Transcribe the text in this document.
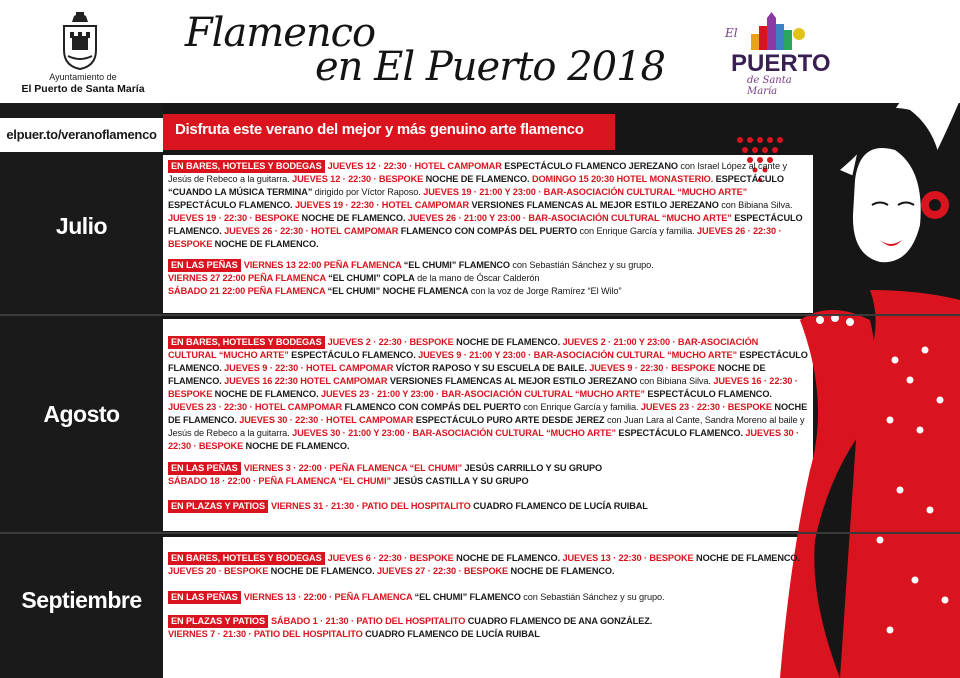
Ayuntamiento de
El Puerto de Santa María
Flamenco
en El Puerto 2018
El
PUERTO
de Santa María
elpuer.to/veranoflamenco
Julio
Agosto
Septiembre
Disfruta este verano del mejor y más genuino arte flamenco
EN BARES, HOTELES Y BODEGAS JUEVES 12 · 22:30 · HOTEL CAMPOMAR ESPECTÁCULO FLAMENCO JEREZANO con Israel López al cante y Jesús de Rebeco a la guitarra. JUEVES 12 · 22:30 · BESPOKE NOCHE DE FLAMENCO. DOMINGO 15 20:30 HOTEL MONASTERIO. ESPECTÁCULO “CUANDO LA MÚSICA TERMINA” dirigido por Víctor Raposo. JUEVES 19 · 21:00 Y 23:00 · BAR-ASOCIACIÓN CULTURAL “MUCHO ARTE” ESPECTÁCULO FLAMENCO. JUEVES 19 · 22:30 · HOTEL CAMPOMAR VERSIONES FLAMENCAS AL MEJOR ESTILO JEREZANO con Bibiana Silva. JUEVES 19 · 22:30 · BESPOKE NOCHE DE FLAMENCO. JUEVES 26 · 21:00 Y 23:00 · BAR-ASOCIACIÓN CULTURAL “MUCHO ARTE” ESPECTÁCULO FLAMENCO. JUEVES 26 · 22:30 · HOTEL CAMPOMAR FLAMENCO CON COMPÁS DEL PUERTO con Enrique García y familia. JUEVES 26 · 22:30 · BESPOKE NOCHE DE FLAMENCO.
EN LAS PEÑAS VIERNES 13 22:00 PEÑA FLAMENCA “EL CHUMI” FLAMENCO con Sebastián Sánchez y su grupo.
VIERNES 27 22:00 PEÑA FLAMENCA “EL CHUMI” COPLA de la mano de Óscar Calderón
SÁBADO 21 22:00 PEÑA FLAMENCA “EL CHUMI” NOCHE FLAMENCA con la voz de Jorge Ramírez “El Wilo”
EN BARES, HOTELES Y BODEGAS JUEVES 2 · 22:30 · BESPOKE NOCHE DE FLAMENCO. JUEVES 2 · 21:00 Y 23:00 · BAR-ASOCIACIÓN CULTURAL “MUCHO ARTE” ESPECTÁCULO FLAMENCO. JUEVES 9 · 21:00 Y 23:00 · BAR-ASOCIACIÓN CULTURAL “MUCHO ARTE” ESPECTÁCULO FLAMENCO. JUEVES 9 · 22:30 · HOTEL CAMPOMAR VÍCTOR RAPOSO Y SU ESCUELA DE BAILE. JUEVES 9 · 22:30 · BESPOKE NOCHE DE FLAMENCO. JUEVES 16 22:30 HOTEL CAMPOMAR VERSIONES FLAMENCAS AL MEJOR ESTILO JEREZANO con Bibiana Silva. JUEVES 16 · 22:30 · BESPOKE NOCHE DE FLAMENCO. JUEVES 23 · 21:00 Y 23:00 · BAR-ASOCIACIÓN CULTURAL “MUCHO ARTE” ESPECTÁCULO FLAMENCO. JUEVES 23 · 22:30 · HOTEL CAMPOMAR FLAMENCO CON COMPÁS DEL PUERTO con Enrique García y familia. JUEVES 23 · 22:30 · BESPOKE NOCHE DE FLAMENCO. JUEVES 30 · 22:30 · HOTEL CAMPOMAR ESPECTÁCULO PURO ARTE DESDE JEREZ con Juan Lara al Cante, Sandra Moreno al baile y Jesús de Rebeco a la guitarra. JUEVES 30 · 21:00 Y 23:00 · BAR-ASOCIACIÓN CULTURAL “MUCHO ARTE” ESPECTÁCULO FLAMENCO. JUEVES 30 · 22:30 · BESPOKE NOCHE DE FLAMENCO.
EN LAS PEÑAS VIERNES 3 · 22:00 · PEÑA FLAMENCA “EL CHUMI” JESÚS CARRILLO Y SU GRUPO
SÁBADO 18 · 22:00 · PEÑA FLAMENCA “EL CHUMI” JESÚS CASTILLA Y SU GRUPO
EN PLAZAS Y PATIOS VIERNES 31 · 21:30 · PATIO DEL HOSPITALITO CUADRO FLAMENCO DE LUCÍA RUIBAL
EN BARES, HOTELES Y BODEGAS JUEVES 6 · 22:30 · BESPOKE NOCHE DE FLAMENCO. JUEVES 13 · 22:30 · BESPOKE NOCHE DE FLAMENCO. JUEVES 20 · BESPOKE NOCHE DE FLAMENCO. JUEVES 27 · 22:30 · BESPOKE NOCHE DE FLAMENCO.
EN LAS PEÑAS VIERNES 13 · 22:00 · PEÑA FLAMENCA “EL CHUMI” FLAMENCO con Sebastián Sánchez y su grupo.
EN PLAZAS Y PATIOS SÁBADO 1 · 21:30 · PATIO DEL HOSPITALITO CUADRO FLAMENCO DE ANA GONZÁLEZ.
VIERNES 7 · 21:30 · PATIO DEL HOSPITALITO CUADRO FLAMENCO DE LUCÍA RUIBAL
